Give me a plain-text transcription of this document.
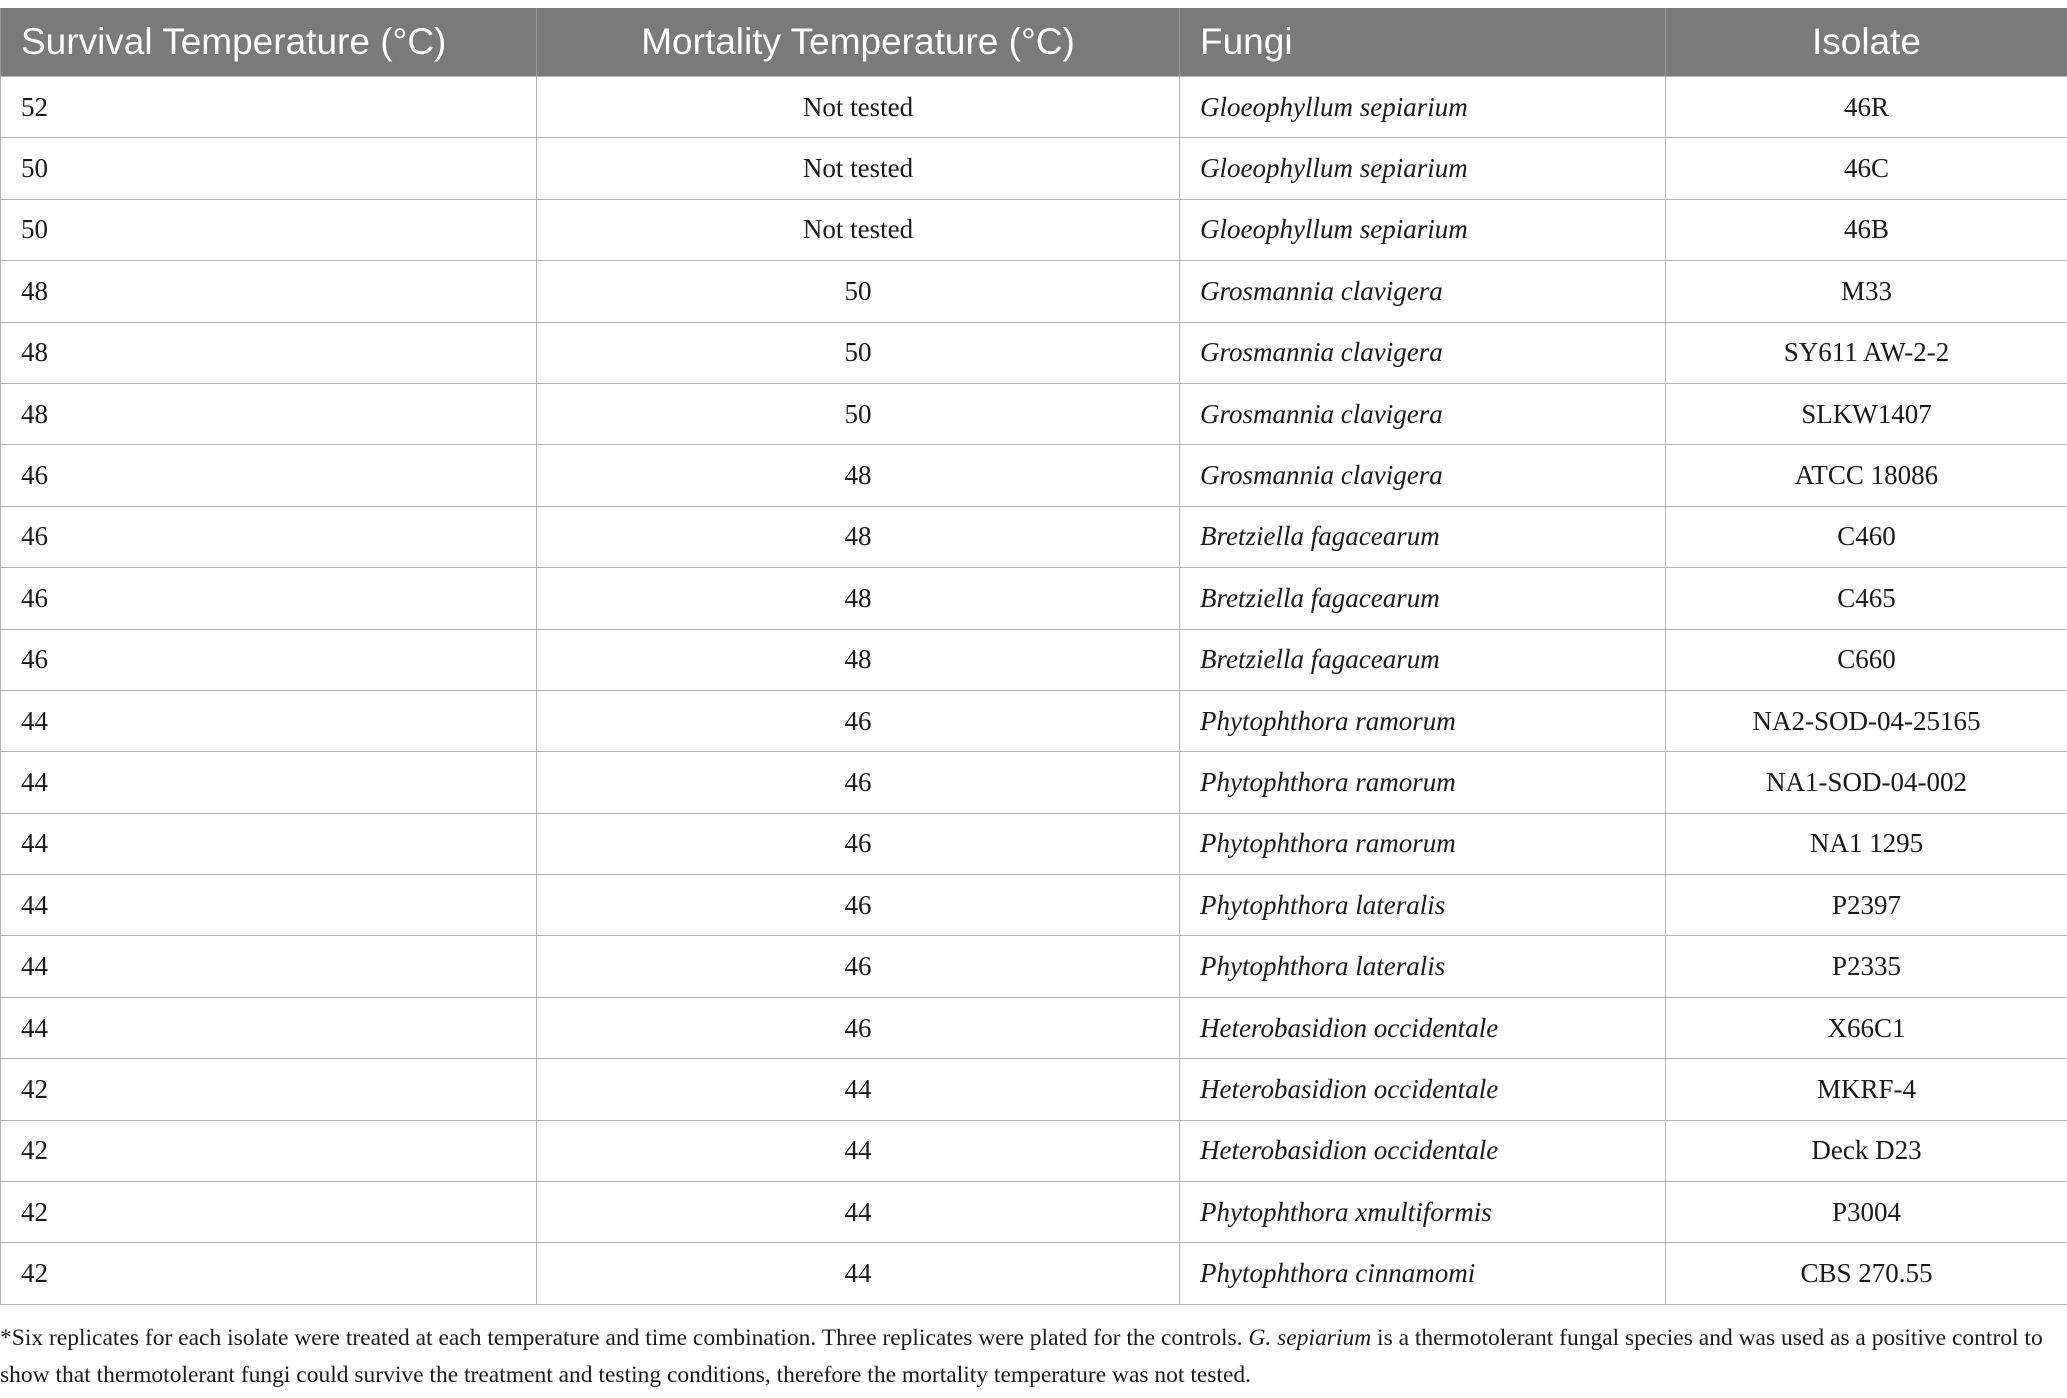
Survival Temperature (°C)	Mortality Temperature (°C)	Fungi	Isolate
52	Not tested	Gloeophyllum sepiarium	46R
50	Not tested	Gloeophyllum sepiarium	46C
50	Not tested	Gloeophyllum sepiarium	46B
48	50	Grosmannia clavigera	M33
48	50	Grosmannia clavigera	SY611 AW-2-2
48	50	Grosmannia clavigera	SLKW1407
46	48	Grosmannia clavigera	ATCC 18086
46	48	Bretziella fagacearum	C460
46	48	Bretziella fagacearum	C465
46	48	Bretziella fagacearum	C660
44	46	Phytophthora ramorum	NA2-SOD-04-25165
44	46	Phytophthora ramorum	NA1-SOD-04-002
44	46	Phytophthora ramorum	NA1 1295
44	46	Phytophthora lateralis	P2397
44	46	Phytophthora lateralis	P2335
44	46	Heterobasidion occidentale	X66C1
42	44	Heterobasidion occidentale	MKRF-4
42	44	Heterobasidion occidentale	Deck D23
42	44	Phytophthora xmultiformis	P3004
42	44	Phytophthora cinnamomi	CBS 270.55
*Six replicates for each isolate were treated at each temperature and time combination. Three replicates were plated for the controls. G. sepiarium is a thermotolerant fungal species and was used as a positive control to show that thermotolerant fungi could survive the treatment and testing conditions, therefore the mortality temperature was not tested.
